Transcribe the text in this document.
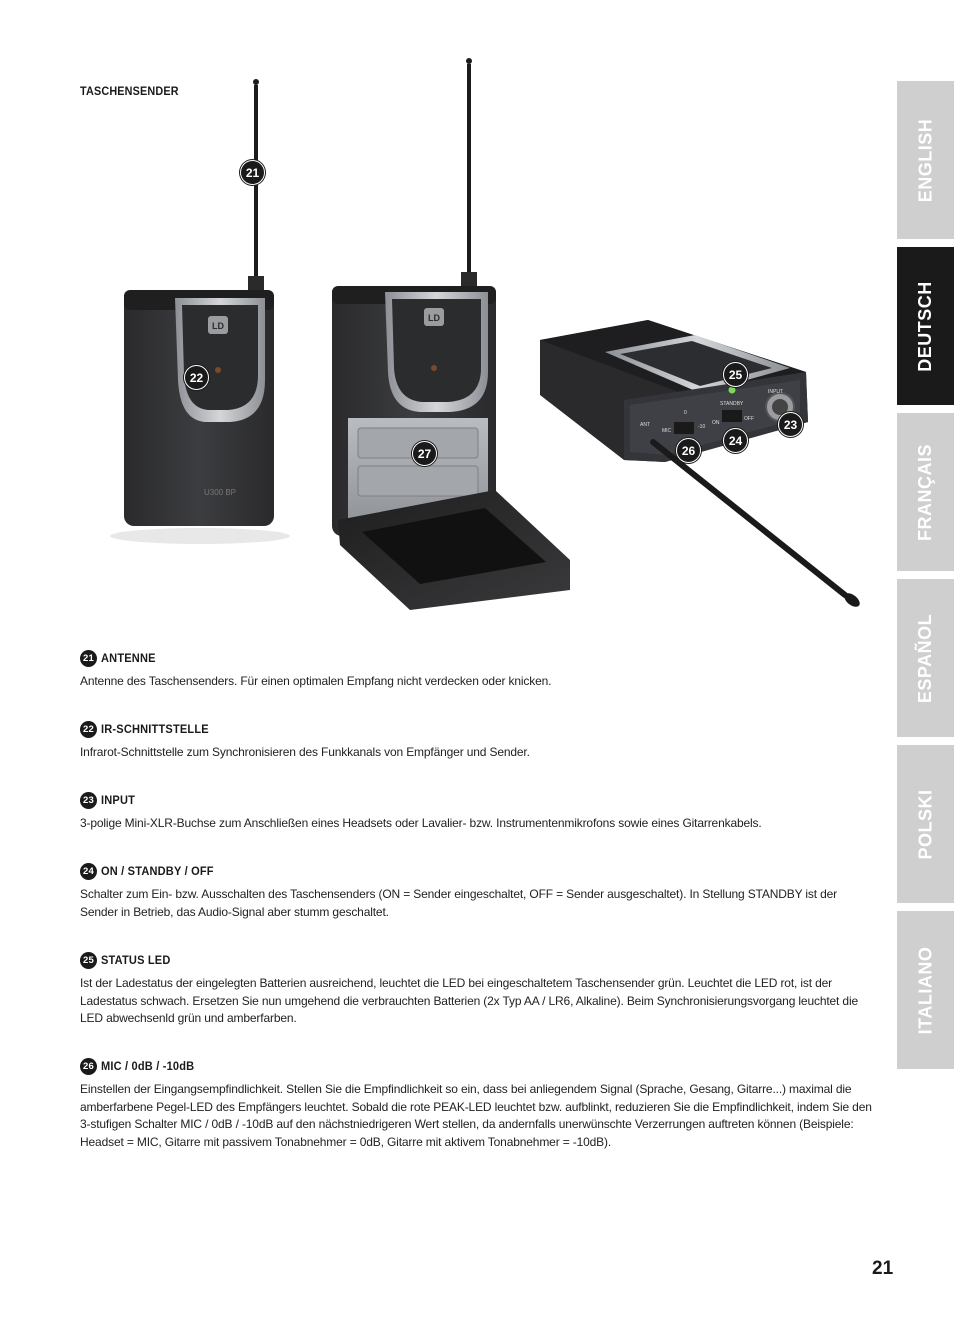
TASCHENSENDER
LD
U300 BP
LD
INPUT
STANDBY
ON
OFF
MIC
0
-10
ANT
21
22
23
24
25
26
27
ENGLISH
DEUTSCH
FRANÇAIS
ESPAÑOL
POLSKI
ITALIANO
21 ANTENNE
Antenne des Taschensenders. Für einen optimalen Empfang nicht verdecken oder knicken.
22 IR-SCHNITTSTELLE
Infrarot-Schnittstelle zum Synchronisieren des Funkkanals von Empfänger und Sender.
23 INPUT
3-polige Mini-XLR-Buchse zum Anschließen eines Headsets oder Lavalier- bzw. Instrumentenmikrofons sowie eines Gitarrenkabels.
24 ON / STANDBY / OFF
Schalter zum Ein- bzw. Ausschalten des Taschensenders (ON = Sender eingeschaltet, OFF = Sender ausgeschaltet). In Stellung STANDBY ist der Sender in Betrieb, das Audio-Signal aber stumm geschaltet.
25 STATUS LED
Ist der Ladestatus der eingelegten Batterien ausreichend, leuchtet die LED bei eingeschaltetem Taschensender grün. Leuchtet die LED rot, ist der Ladestatus schwach. Ersetzen Sie nun umgehend die verbrauchten Batterien (2x Typ AA / LR6, Alkaline). Beim Synchronisierungsvorgang leuchtet die LED abwechsenld grün und amberfarben.
26 MIC / 0dB / -10dB
Einstellen der Eingangsempfindlichkeit. Stellen Sie die Empfindlichkeit so ein, dass bei anliegendem Signal (Sprache, Gesang, Gitarre...) maximal die amberfarbene Pegel-LED des Empfängers leuchtet. Sobald die rote PEAK-LED leuchtet bzw. aufblinkt, reduzieren Sie die Empfindlichkeit, indem Sie den 3-stufigen Schalter MIC / 0dB / -10dB auf den nächstniedrigeren Wert stellen, da andernfalls unerwünschte Verzerrungen auftreten können (Beispiele: Headset = MIC, Gitarre mit passivem Tonabnehmer = 0dB, Gitarre mit aktivem Tonabnehmer = -10dB).
21
